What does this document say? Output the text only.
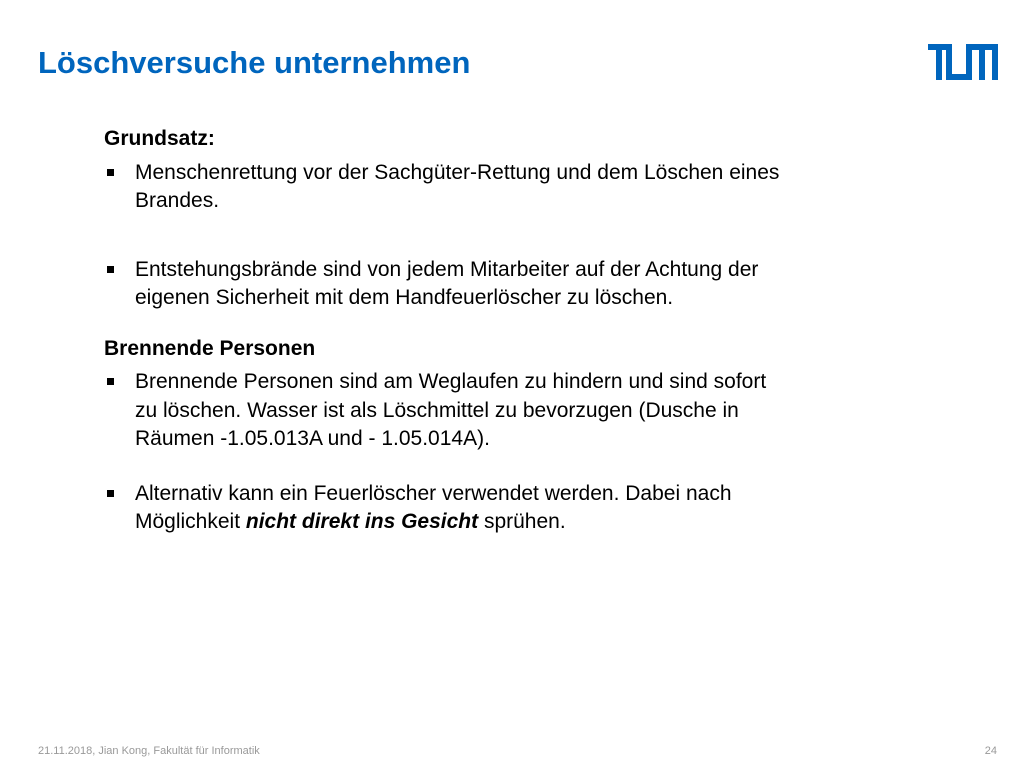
Löschversuche unternehmen
Grundsatz:
Menschenrettung vor der Sachgüter-Rettung und dem Löschen eines Brandes.
Entstehungsbrände sind von jedem Mitarbeiter auf der Achtung der eigenen Sicherheit mit dem Handfeuerlöscher zu löschen.
Brennende Personen
Brennende Personen sind am Weglaufen zu hindern und sind sofort zu löschen. Wasser ist als Löschmittel zu bevorzugen (Dusche in Räumen -1.05.013A und - 1.05.014A).
Alternativ kann ein Feuerlöscher verwendet werden. Dabei nach Möglichkeit nicht direkt ins Gesicht sprühen.
21.11.2018, Jian Kong, Fakultät für Informatik	24
